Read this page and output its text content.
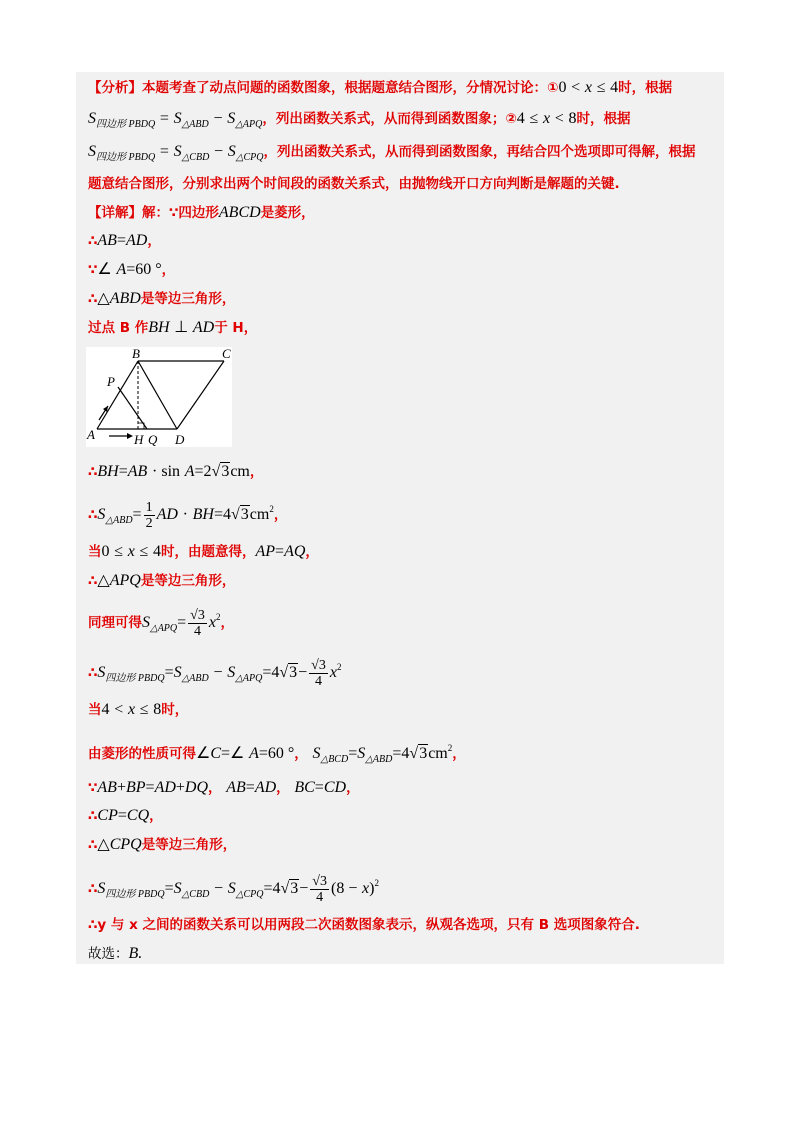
【分析】本题考查了动点问题的函数图象，根据题意结合图形，分情况讨论：①0 < x ≤ 4时，根据
$S_{四边形 PBDQ} = S_{\triangle ABD} - S_{\triangle APQ}$，列出函数关系式，从而得到函数图象；②4 ≤ x < 8时，根据
$S_{四边形 PBDQ} = S_{\triangle CBD} - S_{\triangle CPQ}$，列出函数关系式，从而得到函数图象，再结合四个选项即可得解，根据
题意结合图形，分别求出两个时间段的函数关系式，由抛物线开口方向判断是解题的关键.
【详解】解：∵四边形ABCD是菱形，
∴AB=AD，
∵∠ A=60 °，
∴△ABD是等边三角形，
过点 B 作BH ⊥ AD于 H，
B	C
P
A	H Q D
∴BH=AB · sin A=2√3cm，
$\therefore S_{\triangle ABD}= \frac{1}{2}$ AD · $BH=4√3cm^2$，
当0 ≤ x ≤ 4时，由题意得，AP=AQ，
∴△APQ是等边三角形，
同理可得$S_{\triangle APQ}= \frac{√3}{4} x^2$，
$\therefore S_{四边形 PBDQ}=S_{\triangle ABD} - S_{\triangle APQ}=4√3- \frac{√3}{4} x^2$
当4 < x ≤ 8时，
由菱形的性质可得∠C=∠ A=60 °， $S_{\triangle BCD}=S_{\triangle ABD}=4√3cm^2$，
∵AB+BP=AD+DQ， AB=AD， BC=CD，
∴CP=CQ，
∴△CPQ是等边三角形，
$\therefore S_{四边形 PBDQ}=S_{\triangle CBD} - S_{\triangle CPQ}=4√3- \frac{√3}{4} (8 - x)^2$
∴y 与 x 之间的函数关系可以用两段二次函数图象表示，纵观各选项，只有 B 选项图象符合.
故选：B.
